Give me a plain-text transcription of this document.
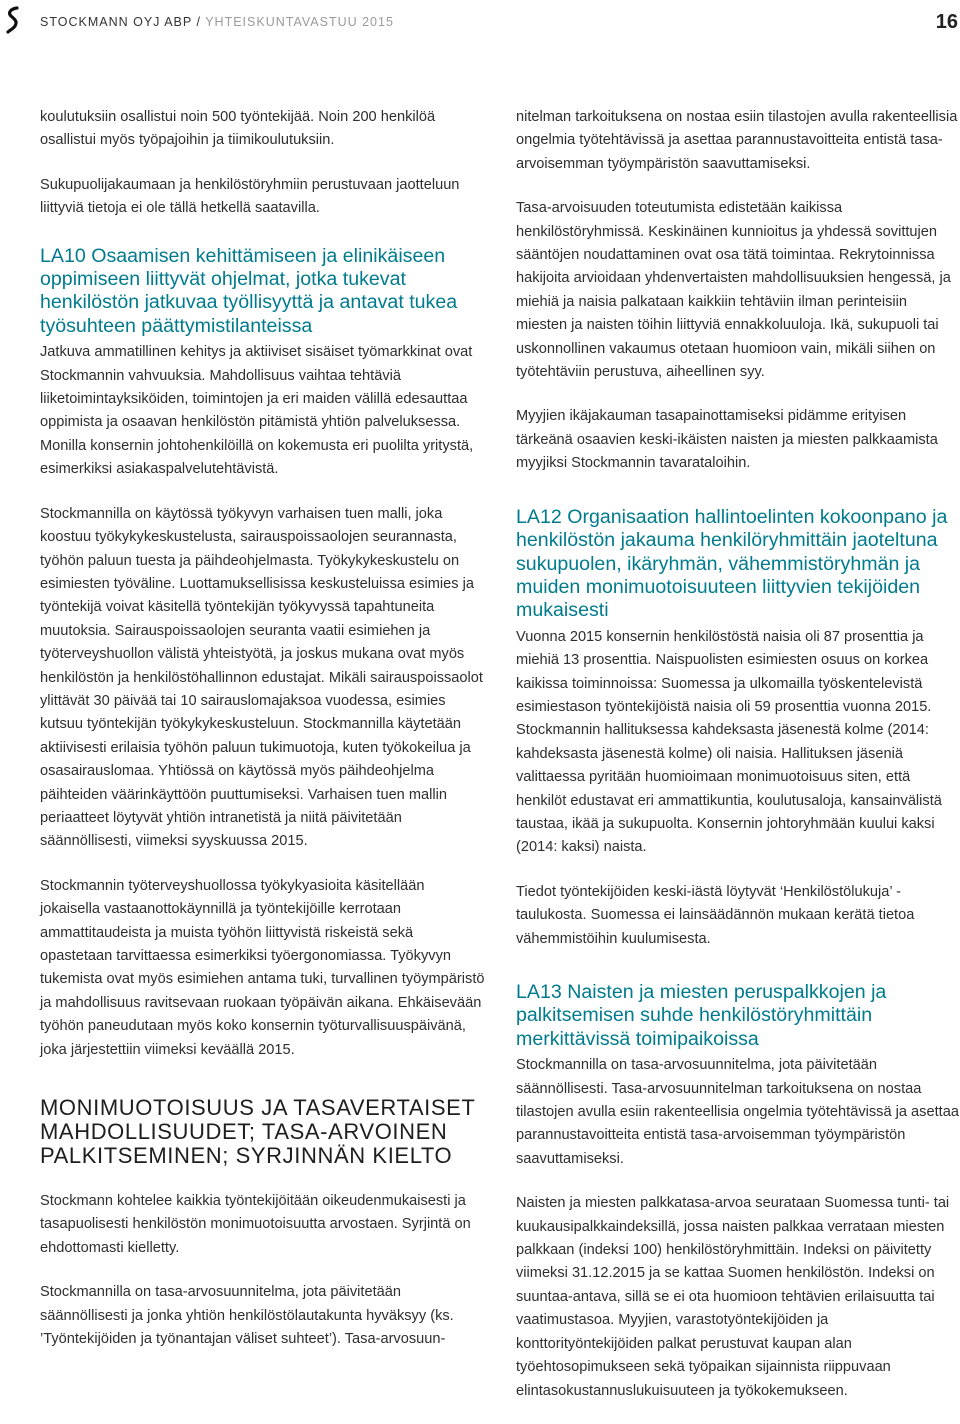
STOCKMANN OYJ ABP / YHTEISKUNTAVASTUU 2015	16

koulutuksiin osallistui noin 500 työntekijää. Noin 200 henkilöä osallistui myös työpajoihin ja tiimikoulutuksiin.

Sukupuolijakaumaan ja henkilöstöryhmiin perustuvaan jaotteluun liittyviä tietoja ei ole tällä hetkellä saatavilla.

LA10 Osaamisen kehittämiseen ja elinikäiseen oppimiseen liittyvät ohjelmat, jotka tukevat henkilöstön jatkuvaa työllisyyttä ja antavat tukea työsuhteen päättymistilanteissa

Jatkuva ammatillinen kehitys ja aktiiviset sisäiset työmarkkinat ovat Stockmannin vahvuuksia. Mahdollisuus vaihtaa tehtäviä liiketoimintayksiköiden, toimintojen ja eri maiden välillä edesauttaa oppimista ja osaavan henkilöstön pitämistä yhtiön palveluksessa. Monilla konsernin johtohenkilöillä on kokemusta eri puolilta yritystä, esimerkiksi asiakaspalvelutehtävistä.

Stockmannilla on käytössä työkyvyn varhaisen tuen malli, joka koostuu työkykykeskustelusta, sairauspoissaolojen seurannasta, työhön paluun tuesta ja päihdeohjelmasta. Työkykykeskustelu on esimiesten työväline. Luottamuksellisissa keskusteluissa esimies ja työntekijä voivat käsitellä työntekijän työkyvyssä tapahtuneita muutoksia. Sairauspoissaolojen seuranta vaatii esimiehen ja työterveyshuollon välistä yhteistyötä, ja joskus mukana ovat myös henkilöstön ja henkilöstöhallinnon edustajat. Mikäli sairauspoissaolot ylittävät 30 päivää tai 10 sairauslomajaksoa vuodessa, esimies kutsuu työntekijän työkykykeskusteluun. Stockmannilla käytetään aktiivisesti erilaisia työhön paluun tukimuotoja, kuten työkokeilua ja osasairauslomaa. Yhtiössä on käytössä myös päihdeohjelma päihteiden väärinkäyttöön puuttumiseksi. Varhaisen tuen mallin periaatteet löytyvät yhtiön intranetistä ja niitä päivitetään säännöllisesti, viimeksi syyskuussa 2015.

Stockmannin työterveyshuollossa työkykyasioita käsitellään jokaisella vastaanottokäynnillä ja työntekijöille kerrotaan ammattitaudeista ja muista työhön liittyvistä riskeistä sekä opastetaan tarvittaessa esimerkiksi työergonomiassa. Työkyvyn tukemista ovat myös esimiehen antama tuki, turvallinen työympäristö ja mahdollisuus ravitsevaan ruokaan työpäivän aikana. Ehkäisevään työhön paneudutaan myös koko konsernin työturvallisuuspäivänä, joka järjestettiin viimeksi keväällä 2015.

MONIMUOTOISUUS JA TASAVERTAISET MAHDOLLISUUDET; TASA-ARVOINEN PALKITSEMINEN; SYRJINNÄN KIELTO

Stockmann kohtelee kaikkia työntekijöitään oikeudenmukaisesti ja tasapuolisesti henkilöstön monimuotoisuutta arvostaen. Syrjintä on ehdottomasti kielletty.

Stockmannilla on tasa-arvosuunnitelma, jota päivitetään säännöllisesti ja jonka yhtiön henkilöstölautakunta hyväksyy (ks. ’Työntekijöiden ja työnantajan väliset suhteet’). Tasa-arvosuun-

nitelman tarkoituksena on nostaa esiin tilastojen avulla rakenteellisia ongelmia työtehtävissä ja asettaa parannustavoitteita entistä tasa-arvoisemman työympäristön saavuttamiseksi.

Tasa-arvoisuuden toteutumista edistetään kaikissa henkilöstöryhmissä. Keskinäinen kunnioitus ja yhdessä sovittujen sääntöjen noudattaminen ovat osa tätä toimintaa. Rekrytoinnissa hakijoita arvioidaan yhdenvertaisten mahdollisuuksien hengessä, ja miehiä ja naisia palkataan kaikkiin tehtäviin ilman perinteisiin miesten ja naisten töihin liittyviä ennakkoluuloja. Ikä, sukupuoli tai uskonnollinen vakaumus otetaan huomioon vain, mikäli siihen on työtehtäviin perustuva, aiheellinen syy.

Myyjien ikäjakauman tasapainottamiseksi pidämme erityisen tärkeänä osaavien keski-ikäisten naisten ja miesten palkkaamista myyjiksi Stockmannin tavarataloihin.

LA12 Organisaation hallintoelinten kokoonpano ja henkilöstön jakauma henkilöryhmittäin jaoteltuna sukupuolen, ikäryhmän, vähemmistöryhmän ja muiden monimuotoisuuteen liittyvien tekijöiden mukaisesti

Vuonna 2015 konsernin henkilöstöstä naisia oli 87 prosenttia ja miehiä 13 prosenttia. Naispuolisten esimiesten osuus on korkea kaikissa toiminnoissa: Suomessa ja ulkomailla työskentelevistä esimiestason työntekijöistä naisia oli 59 prosenttia vuonna 2015. Stockmannin hallituksessa kahdeksasta jäsenestä kolme (2014: kahdeksasta jäsenestä kolme) oli naisia. Hallituksen jäseniä valittaessa pyritään huomioimaan monimuotoisuus siten, että henkilöt edustavat eri ammattikuntia, koulutusaloja, kansainvälistä taustaa, ikää ja sukupuolta. Konsernin johtoryhmään kuului kaksi (2014: kaksi) naista.

Tiedot työntekijöiden keski-iästä löytyvät ‘Henkilöstölukuja’ -taulukosta. Suomessa ei lainsäädännön mukaan kerätä tietoa vähemmistöihin kuulumisesta.

LA13 Naisten ja miesten peruspalkkojen ja palkitsemisen suhde henkilöstöryhmittäin merkittävissä toimipaikoissa

Stockmannilla on tasa-arvosuunnitelma, jota päivitetään säännöllisesti. Tasa-arvosuunnitelman tarkoituksena on nostaa tilastojen avulla esiin rakenteellisia ongelmia työtehtävissä ja asettaa parannustavoitteita entistä tasa-arvoisemman työympäristön saavuttamiseksi.

Naisten ja miesten palkkatasa-arvoa seurataan Suomessa tunti- tai kuukausipalkkaindeksillä, jossa naisten palkkaa verrataan miesten palkkaan (indeksi 100) henkilöstöryhmittäin. Indeksi on päivitetty viimeksi 31.12.2015 ja se kattaa Suomen henkilöstön. Indeksi on suuntaa-antava, sillä se ei ota huomioon tehtävien erilaisuutta tai vaatimustasoa. Myyjien, varastotyöntekijöiden ja konttorityöntekijöiden palkat perustuvat kaupan alan työehtosopimukseen sekä työpaikan sijainnista riippuvaan elintasokustannuslukuisuuteen ja työkokemukseen.
